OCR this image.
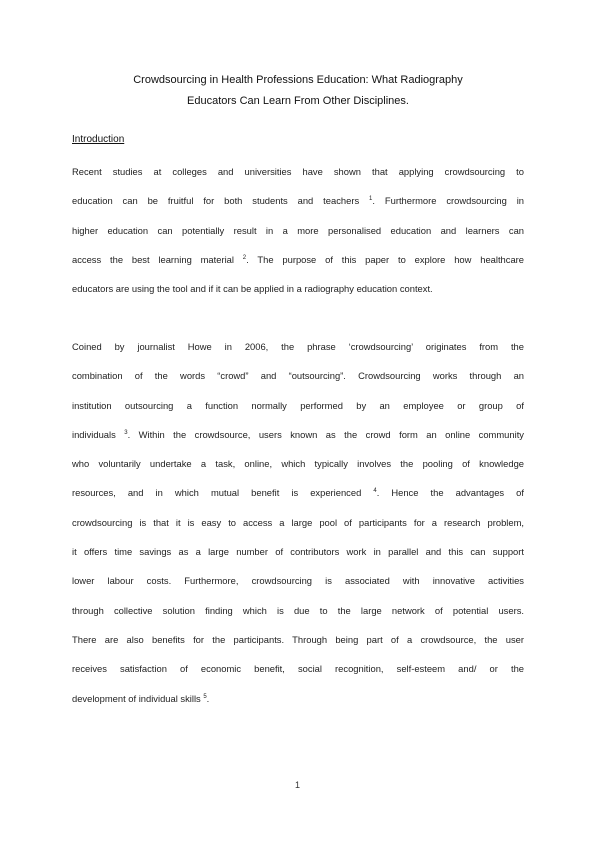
Crowdsourcing in Health Professions Education: What Radiography
Educators Can Learn From Other Disciplines.
Introduction
Recent studies at colleges and universities have shown that applying crowdsourcing to
education can be fruitful for both students and teachers $^1$. Furthermore crowdsourcing in
higher education can potentially result in a more personalised education and learners can
access the best learning material $^2$. The purpose of this paper to explore how healthcare
educators are using the tool and if it can be applied in a radiography education context.
Coined by journalist Howe in 2006, the phrase ‘crowdsourcing’ originates from the
combination of the words “crowd” and “outsourcing”. Crowdsourcing works through an
institution outsourcing a function normally performed by an employee or group of
individuals $^3$. Within the crowdsource, users known as the crowd form an online community
who voluntarily undertake a task, online, which typically involves the pooling of knowledge
resources, and in which mutual benefit is experienced $^4$. Hence the advantages of
crowdsourcing is that it is easy to access a large pool of participants for a research problem,
it offers time savings as a large number of contributors work in parallel and this can support
lower labour costs. Furthermore, crowdsourcing is associated with innovative activities
through collective solution finding which is due to the large network of potential users.
There are also benefits for the participants. Through being part of a crowdsource, the user
receives satisfaction of economic benefit, social recognition, self-esteem and/ or the
development of individual skills $^5$.
1
